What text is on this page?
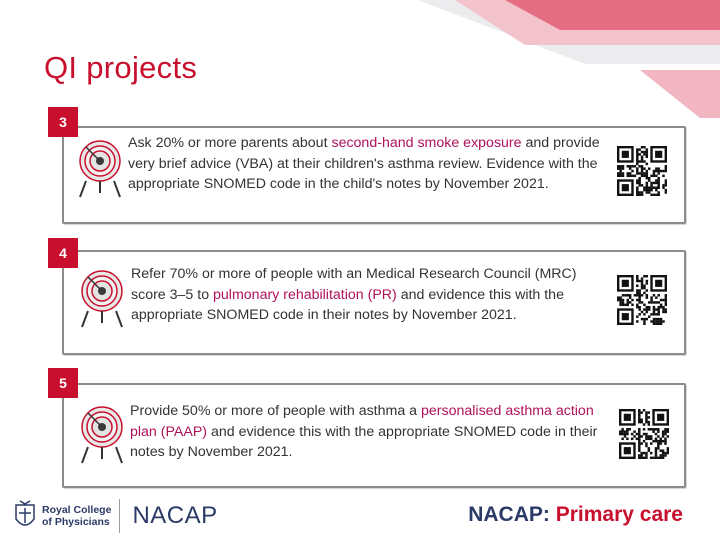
QI projects
3

Ask 20% or more parents about second-hand smoke exposure and provide very brief advice (VBA) at their children's asthma review. Evidence with the appropriate SNOMED code in the child's notes by November 2021.

4

Refer 70% or more of people with an Medical Research Council (MRC) score 3–5 to pulmonary rehabilitation (PR) and evidence this with the appropriate SNOMED code in their notes by November 2021.

5

Provide 50% or more of people with asthma a personalised asthma action plan (PAAP) and evidence this with the appropriate SNOMED code in their notes by November 2021.

Royal College
of Physicians NACAP	NACAP: Primary care
